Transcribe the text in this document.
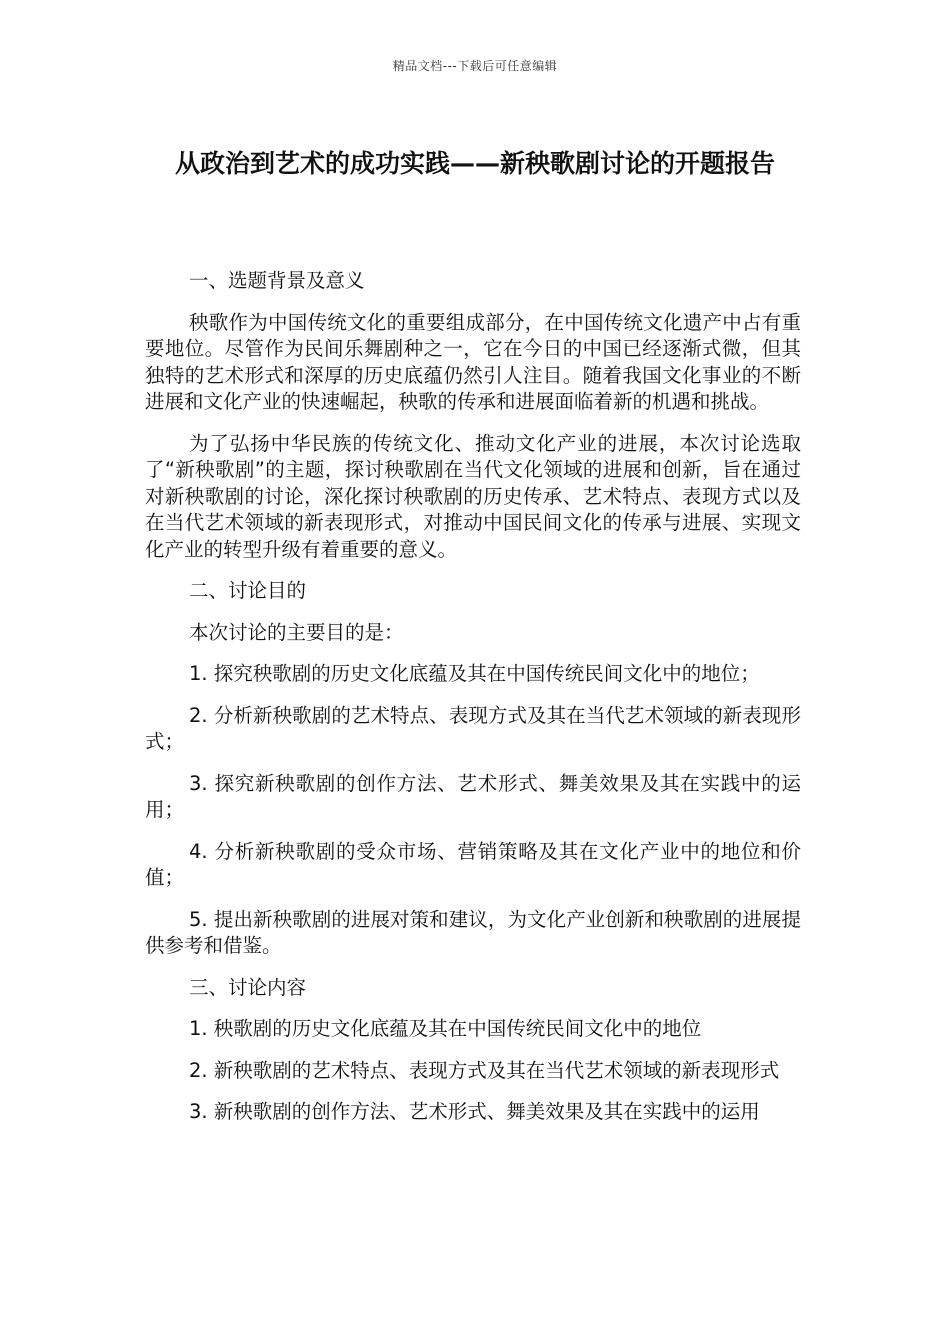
精品文档---下载后可任意编辑
从政治到艺术的成功实践——新秧歌剧讨论的开题报告

一、选题背景及意义

秧歌作为中国传统文化的重要组成部分，在中国传统文化遗产中占有重要地位。尽管作为民间乐舞剧种之一，它在今日的中国已经逐渐式微，但其独特的艺术形式和深厚的历史底蕴仍然引人注目。随着我国文化事业的不断进展和文化产业的快速崛起，秧歌的传承和进展面临着新的机遇和挑战。

为了弘扬中华民族的传统文化、推动文化产业的进展，本次讨论选取了“新秧歌剧”的主题，探讨秧歌剧在当代文化领域的进展和创新，旨在通过对新秧歌剧的讨论，深化探讨秧歌剧的历史传承、艺术特点、表现方式以及在当代艺术领域的新表现形式，对推动中国民间文化的传承与进展、实现文化产业的转型升级有着重要的意义。

二、讨论目的

本次讨论的主要目的是：

1. 探究秧歌剧的历史文化底蕴及其在中国传统民间文化中的地位；

2. 分析新秧歌剧的艺术特点、表现方式及其在当代艺术领域的新表现形式；

3. 探究新秧歌剧的创作方法、艺术形式、舞美效果及其在实践中的运用；

4. 分析新秧歌剧的受众市场、营销策略及其在文化产业中的地位和价值；

5. 提出新秧歌剧的进展对策和建议，为文化产业创新和秧歌剧的进展提供参考和借鉴。

三、讨论内容

1. 秧歌剧的历史文化底蕴及其在中国传统民间文化中的地位

2. 新秧歌剧的艺术特点、表现方式及其在当代艺术领域的新表现形式

3. 新秧歌剧的创作方法、艺术形式、舞美效果及其在实践中的运用
